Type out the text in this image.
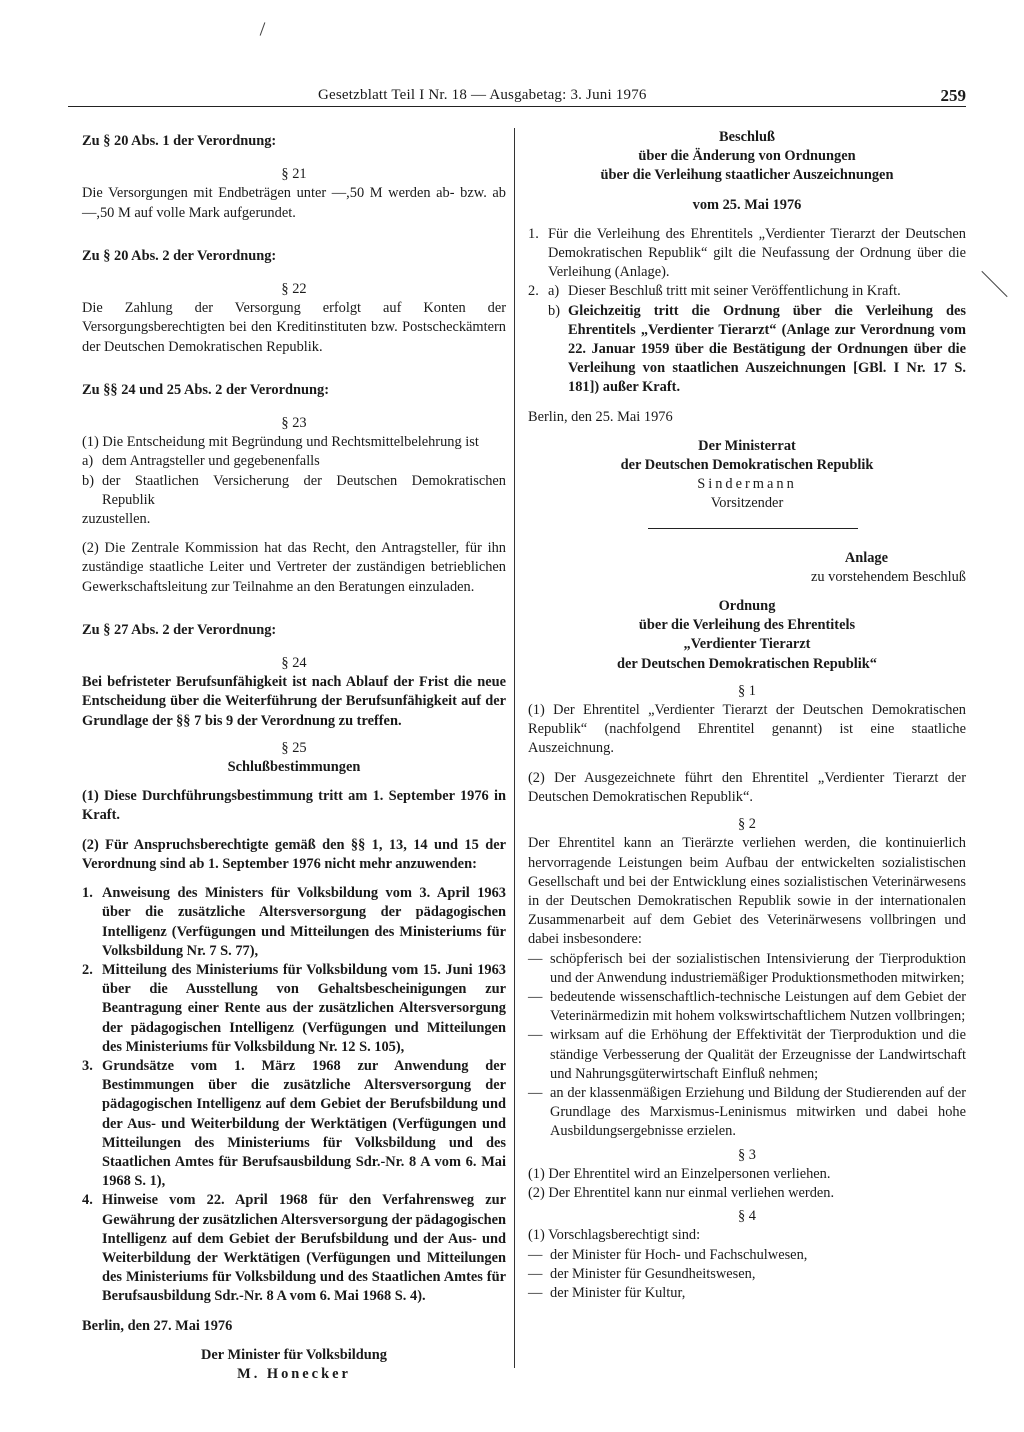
Gesetzblatt Teil I Nr. 18 — Ausgabetag: 3. Juni 1976	259

Zu § 20 Abs. 1 der Verordnung:

§ 21

Die Versorgungen mit Endbeträgen unter —,50 M werden ab- bzw. ab —,50 M auf volle Mark aufgerundet.

Zu § 20 Abs. 2 der Verordnung:

§ 22

Die Zahlung der Versorgung erfolgt auf Konten der Versorgungsberechtigten bei den Kreditinstituten bzw. Postscheckämtern der Deutschen Demokratischen Republik.

Zu §§ 24 und 25 Abs. 2 der Verordnung:

§ 23

(1) Die Entscheidung mit Begründung und Rechtsmittelbelehrung ist

a) dem Antragsteller und gegebenenfalls
b) der Staatlichen Versicherung der Deutschen Demokratischen Republik

zuzustellen.

(2) Die Zentrale Kommission hat das Recht, den Antragsteller, für ihn zuständige staatliche Leiter und Vertreter der zuständigen betrieblichen Gewerkschaftsleitung zur Teilnahme an den Beratungen einzuladen.

Zu § 27 Abs. 2 der Verordnung:

§ 24

Bei befristeter Berufsunfähigkeit ist nach Ablauf der Frist die neue Entscheidung über die Weiterführung der Berufsunfähigkeit auf der Grundlage der §§ 7 bis 9 der Verordnung zu treffen.

§ 25

Schlußbestimmungen

(1) Diese Durchführungsbestimmung tritt am 1. September 1976 in Kraft.

(2) Für Anspruchsberechtigte gemäß den §§ 1, 13, 14 und 15 der Verordnung sind ab 1. September 1976 nicht mehr anzuwenden:

1. Anweisung des Ministers für Volksbildung vom 3. April 1963 über die zusätzliche Altersversorgung der pädagogischen Intelligenz (Verfügungen und Mitteilungen des Ministeriums für Volksbildung Nr. 7 S. 77),
2. Mitteilung des Ministeriums für Volksbildung vom 15. Juni 1963 über die Ausstellung von Gehaltsbescheinigungen zur Beantragung einer Rente aus der zusätzlichen Altersversorgung der pädagogischen Intelligenz (Verfügungen und Mitteilungen des Ministeriums für Volksbildung Nr. 12 S. 105),
3. Grundsätze vom 1. März 1968 zur Anwendung der Bestimmungen über die zusätzliche Altersversorgung der pädagogischen Intelligenz auf dem Gebiet der Berufsbildung und der Aus- und Weiterbildung der Werktätigen (Verfügungen und Mitteilungen des Ministeriums für Volksbildung und des Staatlichen Amtes für Berufsausbildung Sdr.-Nr. 8 A vom 6. Mai 1968 S. 1),
4. Hinweise vom 22. April 1968 für den Verfahrensweg zur Gewährung der zusätzlichen Altersversorgung der pädagogischen Intelligenz auf dem Gebiet der Berufsbildung und der Aus- und Weiterbildung der Werktätigen (Verfügungen und Mitteilungen des Ministeriums für Volksbildung und des Staatlichen Amtes für Berufsausbildung Sdr.-Nr. 8 A vom 6. Mai 1968 S. 4).

Berlin, den 27. Mai 1976

Der Minister für Volksbildung

M. Honecker

Beschluß

über die Änderung von Ordnungen

über die Verleihung staatlicher Auszeichnungen

vom 25. Mai 1976

1. Für die Verleihung des Ehrentitels „Verdienter Tierarzt der Deutschen Demokratischen Republik“ gilt die Neufassung der Ordnung über die Verleihung (Anlage).
2. a) Dieser Beschluß tritt mit seiner Veröffentlichung in Kraft.
b) Gleichzeitig tritt die Ordnung über die Verleihung des Ehrentitels „Verdienter Tierarzt“ (Anlage zur Verordnung vom 22. Januar 1959 über die Bestätigung der Ordnungen über die Verleihung von staatlichen Auszeichnungen [GBl. I Nr. 17 S. 181]) außer Kraft.

Berlin, den 25. Mai 1976

Der Ministerrat

der Deutschen Demokratischen Republik

Sindermann

Vorsitzender

Anlage

zu vorstehendem Beschluß

Ordnung

über die Verleihung des Ehrentitels

„Verdienter Tierarzt

der Deutschen Demokratischen Republik“

§ 1

(1) Der Ehrentitel „Verdienter Tierarzt der Deutschen Demokratischen Republik“ (nachfolgend Ehrentitel genannt) ist eine staatliche Auszeichnung.

(2) Der Ausgezeichnete führt den Ehrentitel „Verdienter Tierarzt der Deutschen Demokratischen Republik“.

§ 2

Der Ehrentitel kann an Tierärzte verliehen werden, die kontinuierlich hervorragende Leistungen beim Aufbau der entwickelten sozialistischen Gesellschaft und bei der Entwicklung eines sozialistischen Veterinärwesens in der Deutschen Demokratischen Republik sowie in der internationalen Zusammenarbeit auf dem Gebiet des Veterinärwesens vollbringen und dabei insbesondere:

— schöpferisch bei der sozialistischen Intensivierung der Tierproduktion und der Anwendung industriemäßiger Produktionsmethoden mitwirken;
— bedeutende wissenschaftlich-technische Leistungen auf dem Gebiet der Veterinärmedizin mit hohem volkswirtschaftlichem Nutzen vollbringen;
— wirksam auf die Erhöhung der Effektivität der Tierproduktion und die ständige Verbesserung der Qualität der Erzeugnisse der Landwirtschaft und Nahrungsgüterwirtschaft Einfluß nehmen;
— an der klassenmäßigen Erziehung und Bildung der Studierenden auf der Grundlage des Marxismus-Leninismus mitwirken und dabei hohe Ausbildungsergebnisse erzielen.

§ 3

(1) Der Ehrentitel wird an Einzelpersonen verliehen.

(2) Der Ehrentitel kann nur einmal verliehen werden.

§ 4

(1) Vorschlagsberechtigt sind:

— der Minister für Hoch- und Fachschulwesen,
— der Minister für Gesundheitswesen,
— der Minister für Kultur,
